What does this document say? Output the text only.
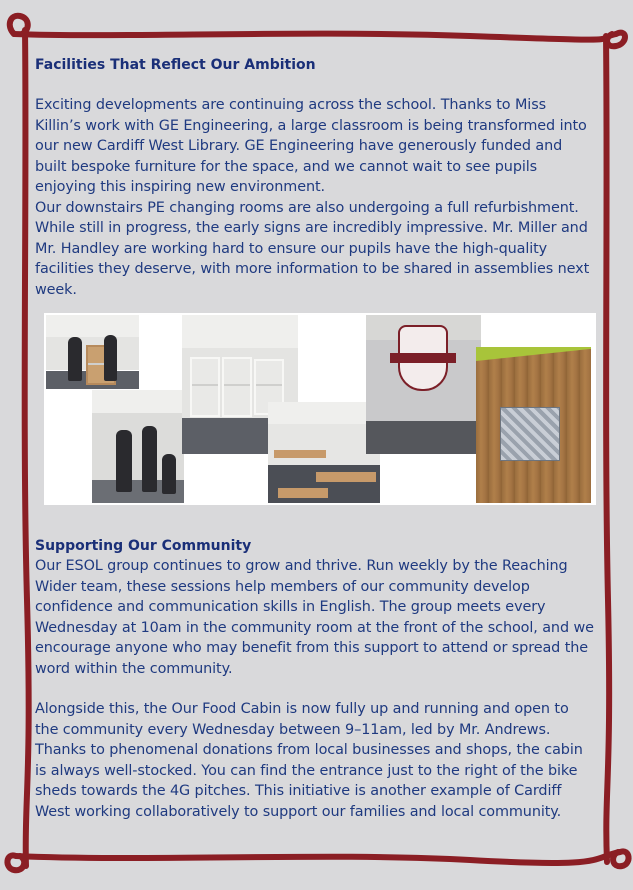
Facilities That Reflect Our Ambition

Exciting developments are continuing across the school. Thanks to Miss
Killin’s work with GE Engineering, a large classroom is being transformed into
our new Cardiff West Library. GE Engineering have generously funded and
built bespoke furniture for the space, and we cannot wait to see pupils
enjoying this inspiring new environment.

Our downstairs PE changing rooms are also undergoing a full refurbishment.
While still in progress, the early signs are incredibly impressive. Mr. Miller and
Mr. Handley are working hard to ensure our pupils have the high-quality
facilities they deserve, with more information to be shared in assemblies next
week.

Supporting Our Community

Our ESOL group continues to grow and thrive. Run weekly by the Reaching
Wider team, these sessions help members of our community develop
confidence and communication skills in English. The group meets every
Wednesday at 10am in the community room at the front of the school, and we
encourage anyone who may benefit from this support to attend or spread the
word within the community.

Alongside this, the Our Food Cabin is now fully up and running and open to
the community every Wednesday between 9–11am, led by Mr. Andrews.
Thanks to phenomenal donations from local businesses and shops, the cabin
is always well-stocked. You can find the entrance just to the right of the bike
sheds towards the 4G pitches. This initiative is another example of Cardiff
West working collaboratively to support our families and local community.
